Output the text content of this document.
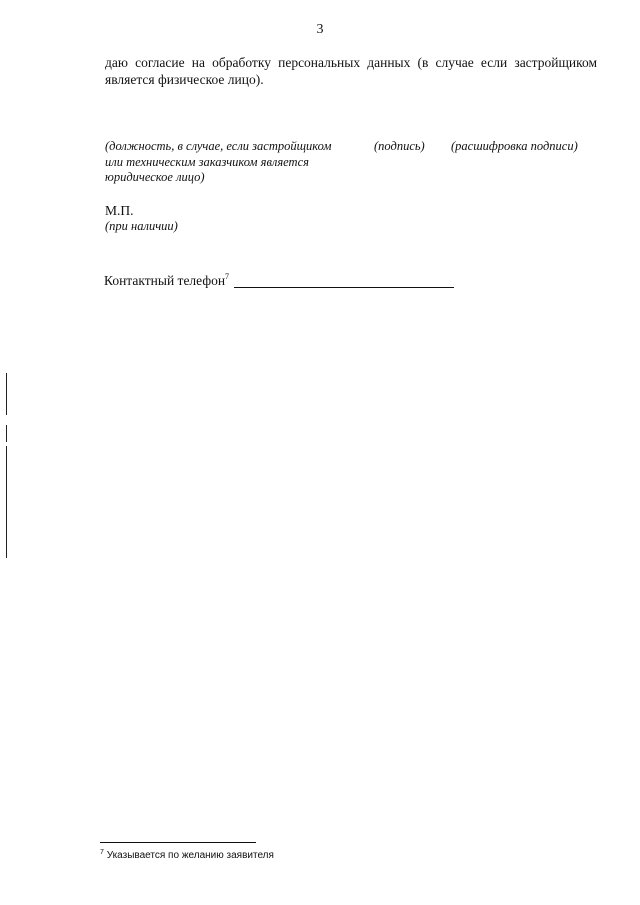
3
даю согласие на обработку персональных данных (в случае если застройщиком является физическое лицо).
(должность, в случае, если застройщиком или техническим заказчиком является юридическое лицо)
(подпись) (расшифровка подписи)
М.П.
(при наличии)
Контактный телефон$^7$
$^7$ Указывается по желанию заявителя
